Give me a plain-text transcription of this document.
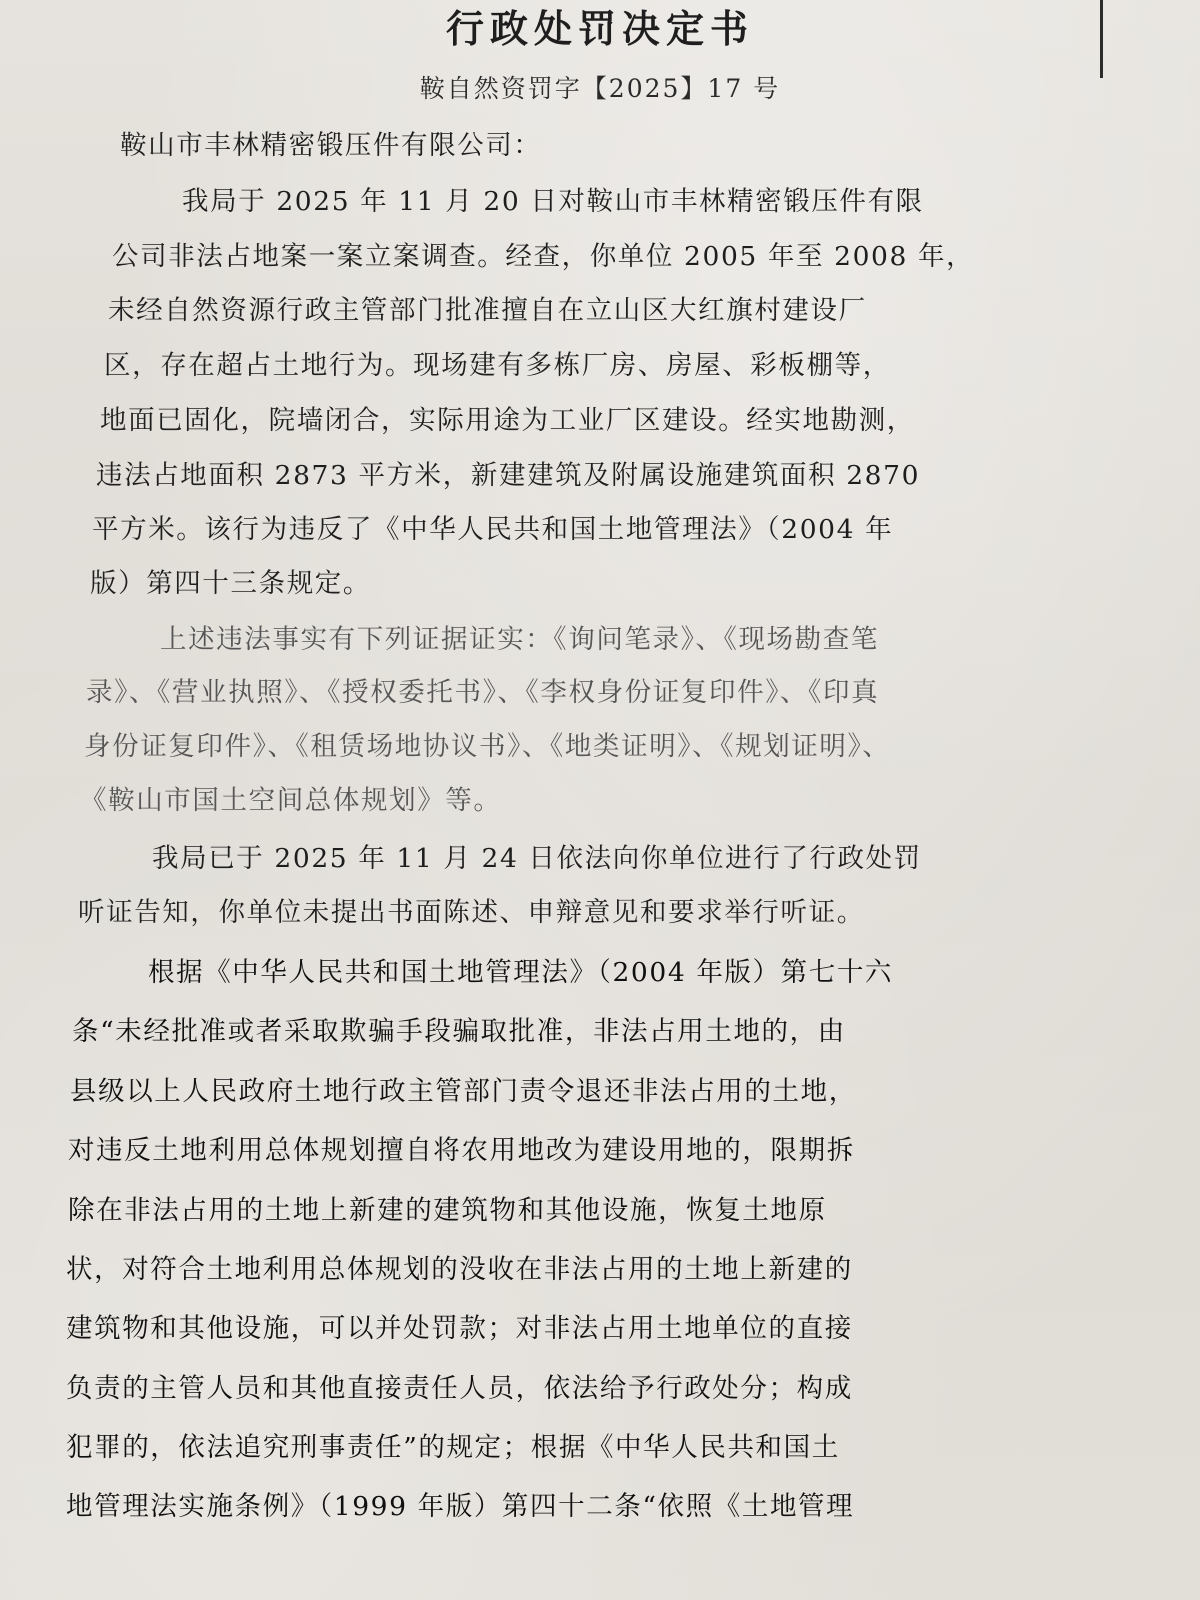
行政处罚决定书
鞍自然资罚字【2025】17 号
鞍山市丰林精密锻压件有限公司：
我局于 2025 年 11 月 20 日对鞍山市丰林精密锻压件有限
公司非法占地案一案立案调查。经查，你单位 2005 年至 2008 年，
未经自然资源行政主管部门批准擅自在立山区大红旗村建设厂
区，存在超占土地行为。现场建有多栋厂房、房屋、彩板棚等，
地面已固化，院墙闭合，实际用途为工业厂区建设。经实地勘测，
违法占地面积 2873 平方米，新建建筑及附属设施建筑面积 2870
平方米。该行为违反了《中华人民共和国土地管理法》（2004 年
版）第四十三条规定。
上述违法事实有下列证据证实：《询问笔录》、《现场勘查笔
录》、《营业执照》、《授权委托书》、《李权身份证复印件》、《印真
身份证复印件》、《租赁场地协议书》、《地类证明》、《规划证明》、
《鞍山市国土空间总体规划》等。
我局已于 2025 年 11 月 24 日依法向你单位进行了行政处罚
听证告知，你单位未提出书面陈述、申辩意见和要求举行听证。
根据《中华人民共和国土地管理法》（2004 年版）第七十六
条“未经批准或者采取欺骗手段骗取批准，非法占用土地的，由
县级以上人民政府土地行政主管部门责令退还非法占用的土地，
对违反土地利用总体规划擅自将农用地改为建设用地的，限期拆
除在非法占用的土地上新建的建筑物和其他设施，恢复土地原
状，对符合土地利用总体规划的没收在非法占用的土地上新建的
建筑物和其他设施，可以并处罚款；对非法占用土地单位的直接
负责的主管人员和其他直接责任人员，依法给予行政处分；构成
犯罪的，依法追究刑事责任”的规定；根据《中华人民共和国土
地管理法实施条例》（1999 年版）第四十二条“依照《土地管理
